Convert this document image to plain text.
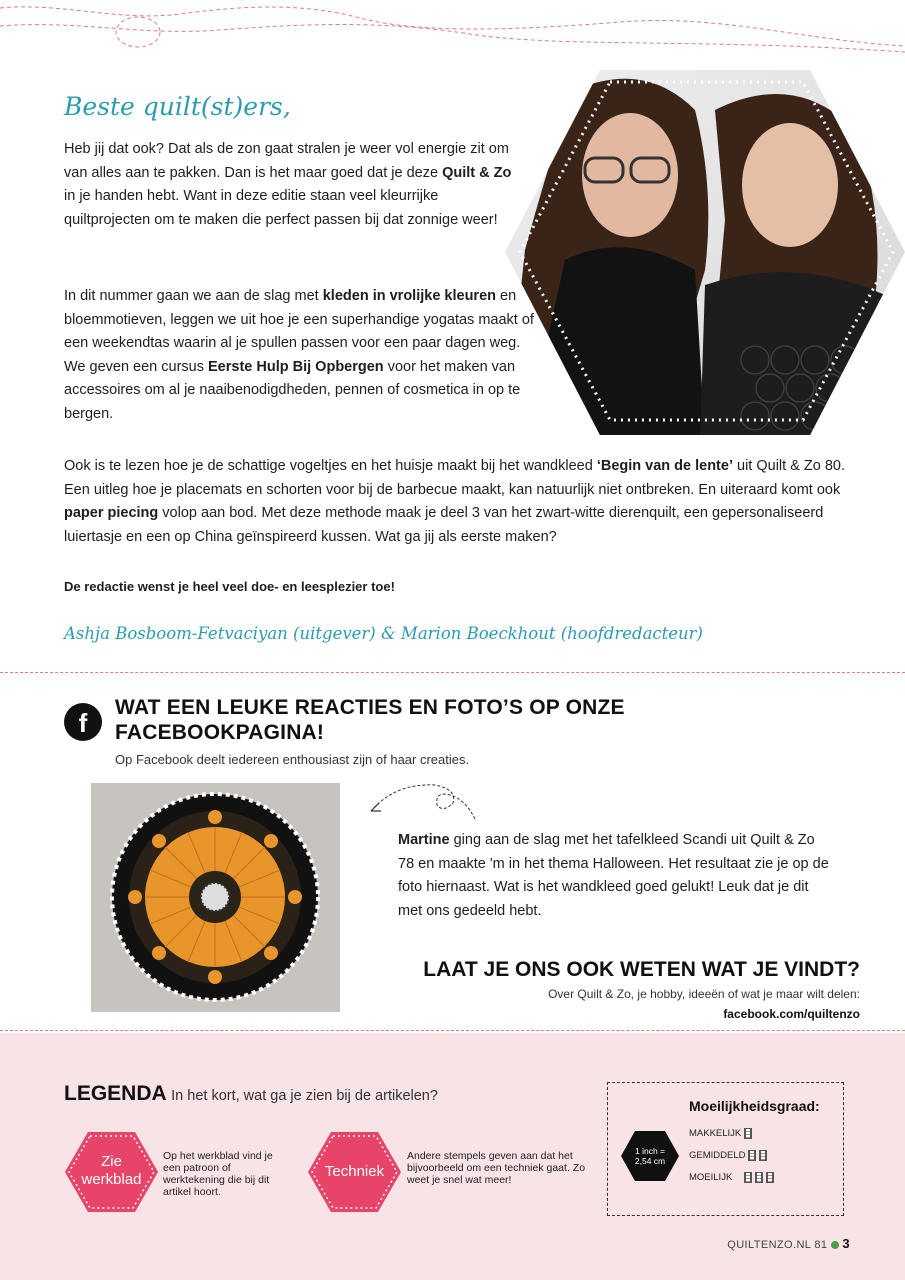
Beste quilt(st)ers,

Heb jij dat ook? Dat als de zon gaat stralen je weer vol energie zit om van alles aan te pakken. Dan is het maar goed dat je deze Quilt & Zo in je handen hebt. Want in deze editie staan veel kleurrijke quiltprojecten om te maken die perfect passen bij dat zonnige weer!

In dit nummer gaan we aan de slag met kleden in vrolijke kleuren en bloemmotieven, leggen we uit hoe je een superhandige yogatas maakt of een weekendtas waarin al je spullen passen voor een paar dagen weg. We geven een cursus Eerste Hulp Bij Opbergen voor het maken van accessoires om al je naaibenodigdheden, pennen of cosmetica in op te bergen.

Ook is te lezen hoe je de schattige vogeltjes en het huisje maakt bij het wandkleed ‘Begin van de lente’ uit Quilt & Zo 80. Een uitleg hoe je placemats en schorten voor bij de barbecue maakt, kan natuurlijk niet ontbreken. En uiteraard komt ook paper piecing volop aan bod. Met deze methode maak je deel 3 van het zwart-witte dierenquilt, een gepersonaliseerd luiertasje en een op China geïnspireerd kussen. Wat ga jij als eerste maken?

De redactie wenst je heel veel doe- en leesplezier toe!
Ashja Bosboom-Fetvaciyan (uitgever) & Marion Boeckhout (hoofdredacteur)
f
WAT EEN LEUKE REACTIES EN FOTO’S OP ONZE
FACEBOOKPAGINA!
Op Facebook deelt iedereen enthousiast zijn of haar creaties.

Martine ging aan de slag met het tafelkleed Scandi uit Quilt & Zo 78 en maakte 'm in het thema Halloween. Het resultaat zie je op de foto hiernaast. Wat is het wandkleed goed gelukt! Leuk dat je dit met ons gedeeld hebt.

LAAT JE ONS OOK WETEN WAT JE VINDT?
Over Quilt & Zo, je hobby, ideeën of wat je maar wilt delen:
facebook.com/quiltenzo
LEGENDA In het kort, wat ga je zien bij de artikelen?
Zie werkblad
Op het werkblad vind je een patroon of werktekening die bij dit artikel hoort.
Techniek
Andere stempels geven aan dat het bijvoorbeeld om een techniek gaat. Zo weet je snel wat meer!
Moeilijkheidsgraad:
1 inch = 2,54 cm
MAKKELIJK
GEMIDDELD
MOEILIJK
QUILTENZO.NL 81 3
